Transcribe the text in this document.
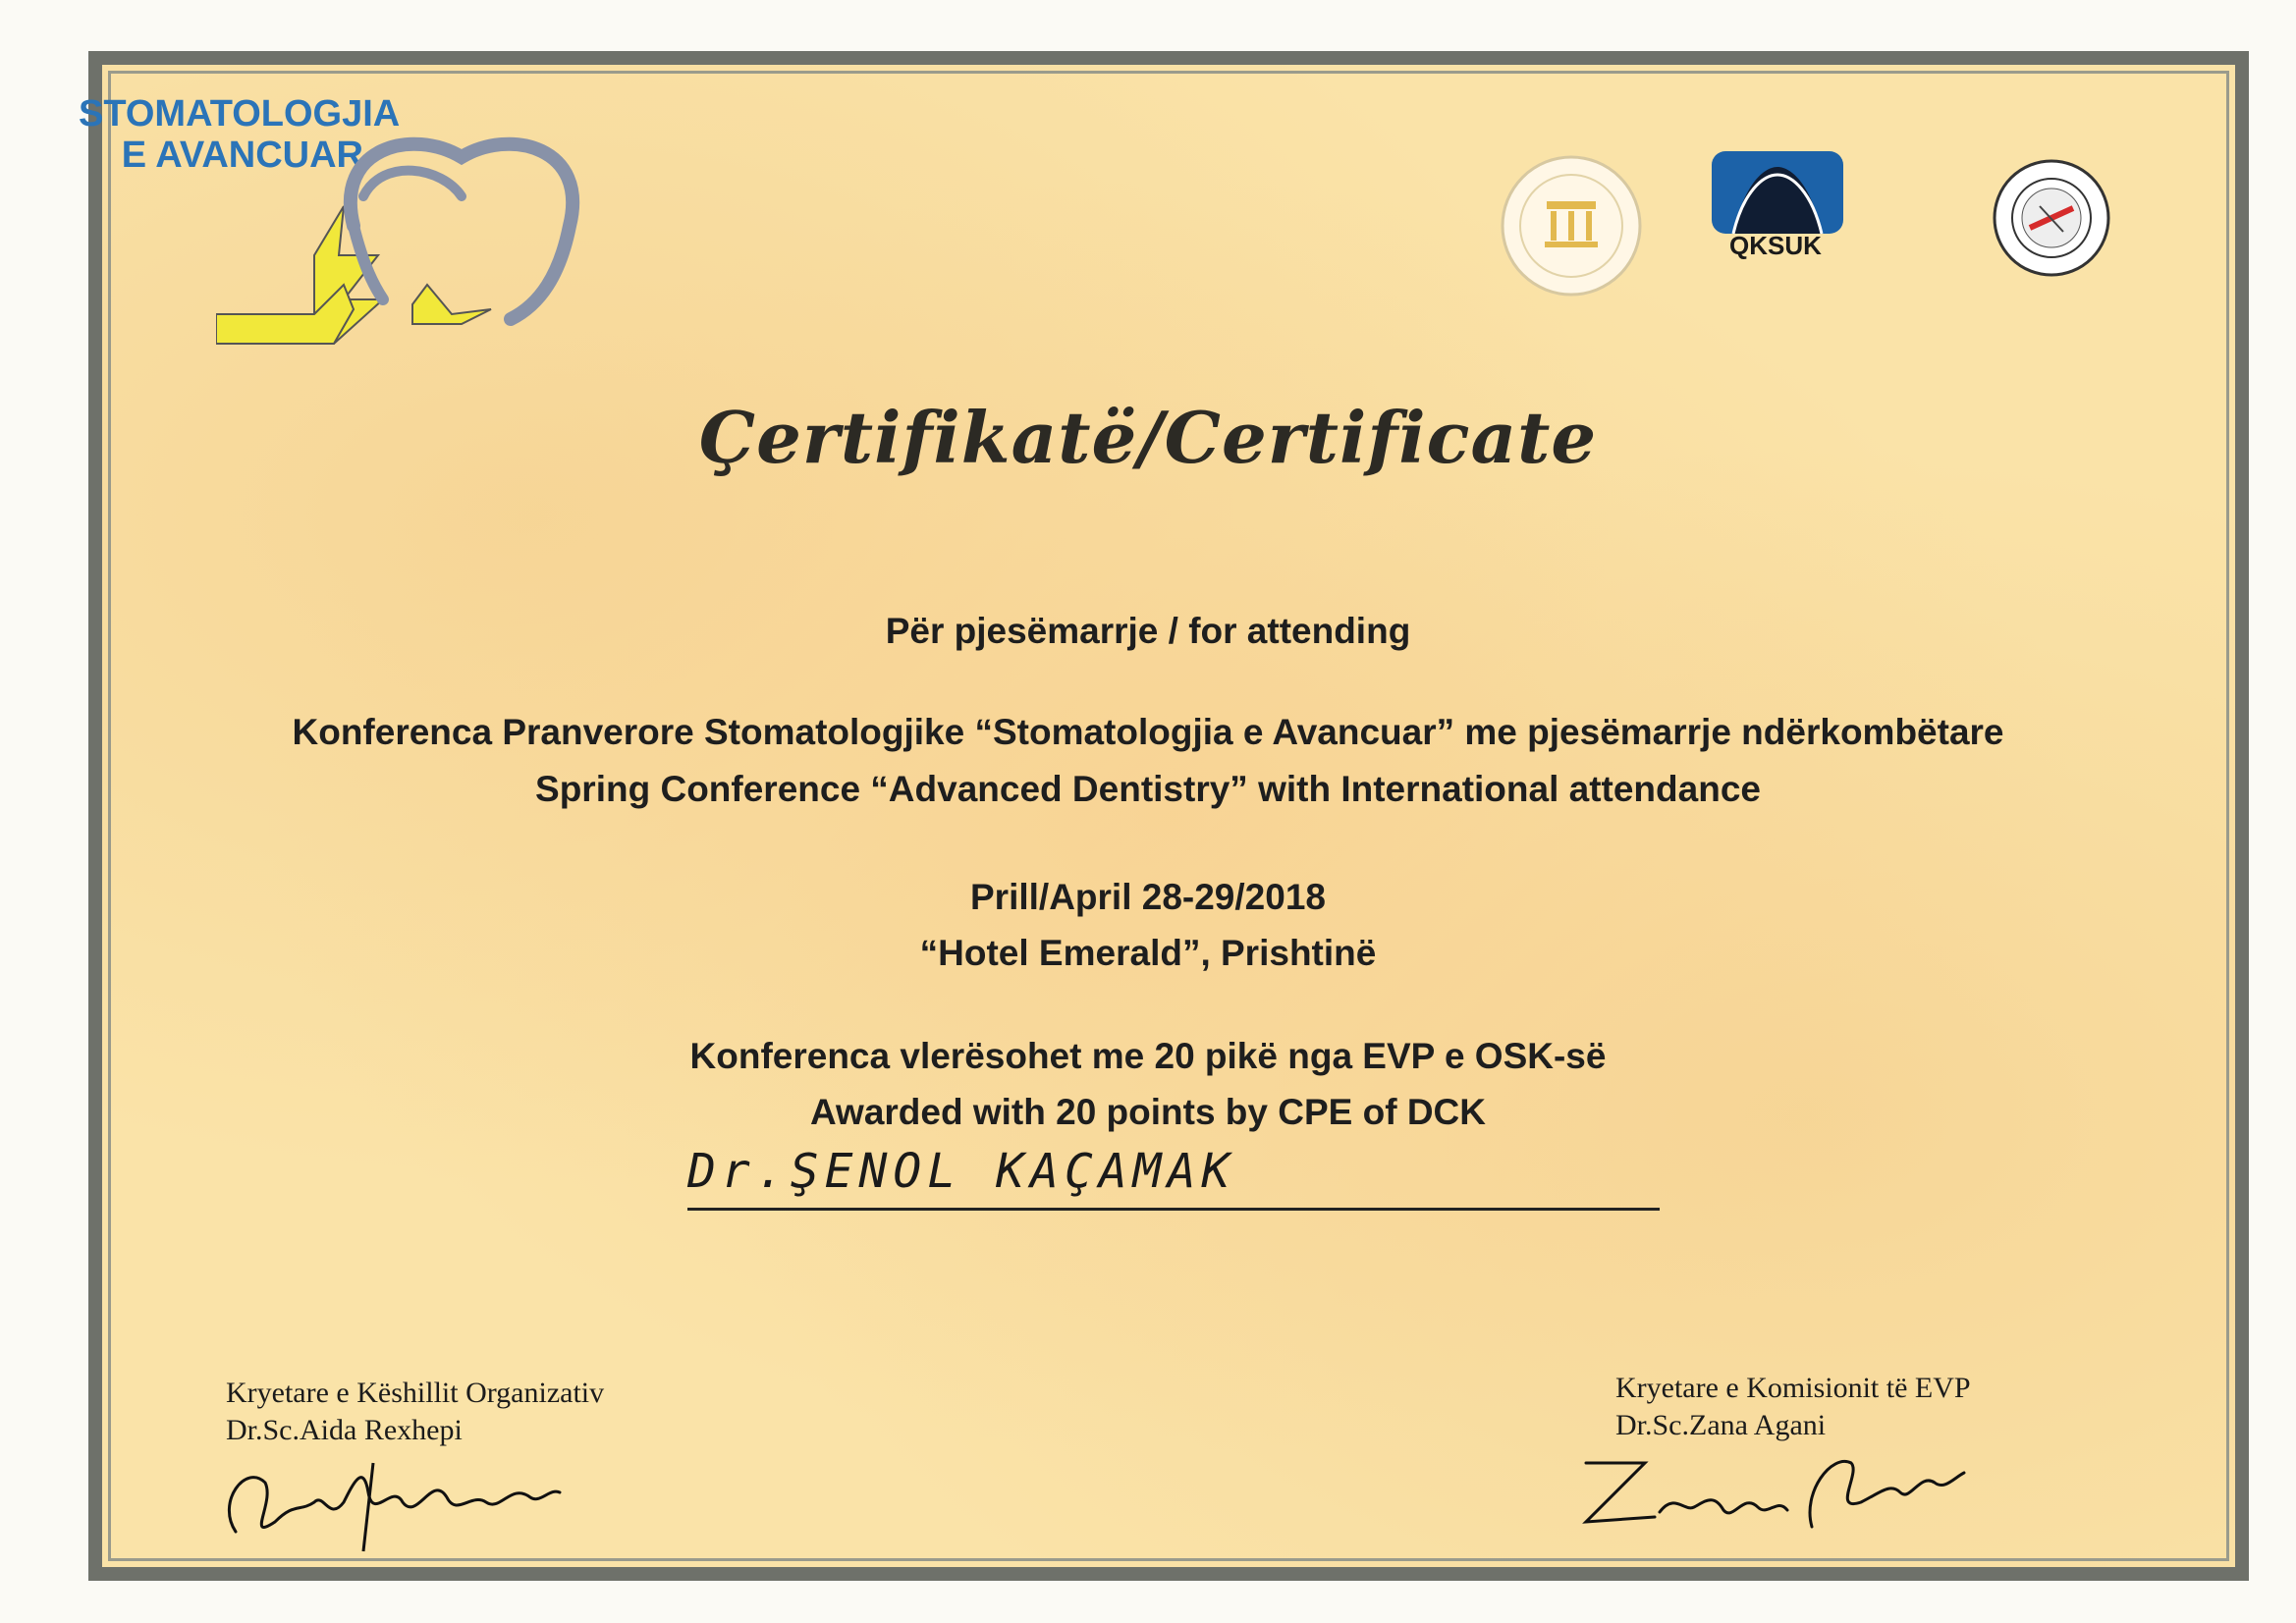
STOMATOLOGJIA
E AVANCUAR
QKSUK
Çertifikatë/Certificate
Për pjesëmarrje / for attending
Konferenca Pranverore Stomatologjike “Stomatologjia e Avancuar” me pjesëmarrje ndërkombëtare
Spring Conference “Advanced Dentistry” with International attendance
Prill/April 28-29/2018
“Hotel Emerald”, Prishtinë
Konferenca vlerësohet me 20 pikë nga EVP e OSK-së
Awarded with 20 points by CPE of DCK
Dr.ŞENOL KAÇAMAK
Kryetare e Këshillit Organizativ
Dr.Sc.Aida Rexhepi
Kryetare e Komisionit të EVP
Dr.Sc.Zana Agani
